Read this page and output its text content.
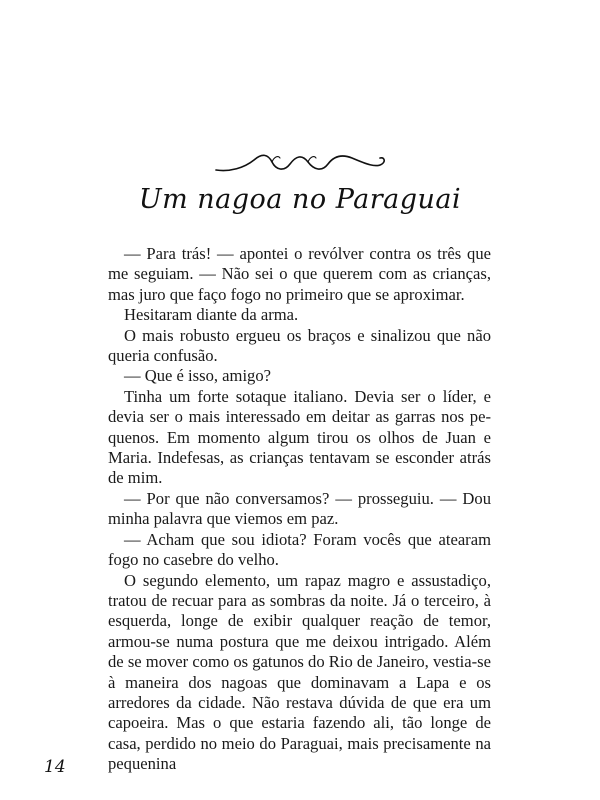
Um nagoa no Paraguai

— Para trás! — apontei o revólver contra os três que me seguiam. — Não sei o que querem com as crianças, mas juro que faço fogo no primeiro que se aproximar.

Hesitaram diante da arma.

O mais robusto ergueu os braços e sinalizou que não queria confusão.

— Que é isso, amigo?

Tinha um forte sotaque italiano. Devia ser o líder, e devia ser o mais interessado em deitar as garras nos pequenos. Em momento algum tirou os olhos de Juan e Maria. Indefesas, as crianças tentavam se esconder atrás de mim.

— Por que não conversamos? — prosseguiu. — Dou minha palavra que viemos em paz.

— Acham que sou idiota? Foram vocês que atearam fogo no casebre do velho.

O segundo elemento, um rapaz magro e assustadiço, tratou de recuar para as sombras da noite. Já o terceiro, à esquerda, longe de exibir qualquer reação de temor, armou-se numa postura que me deixou intrigado. Além de se mover como os gatunos do Rio de Janeiro, vestia-se à maneira dos nagoas que dominavam a Lapa e os arredores da cidade. Não restava dúvida de que era um capoeira. Mas o que estaria fazendo ali, tão longe de casa, perdido no meio do Paraguai, mais precisamente na pequenina

14
